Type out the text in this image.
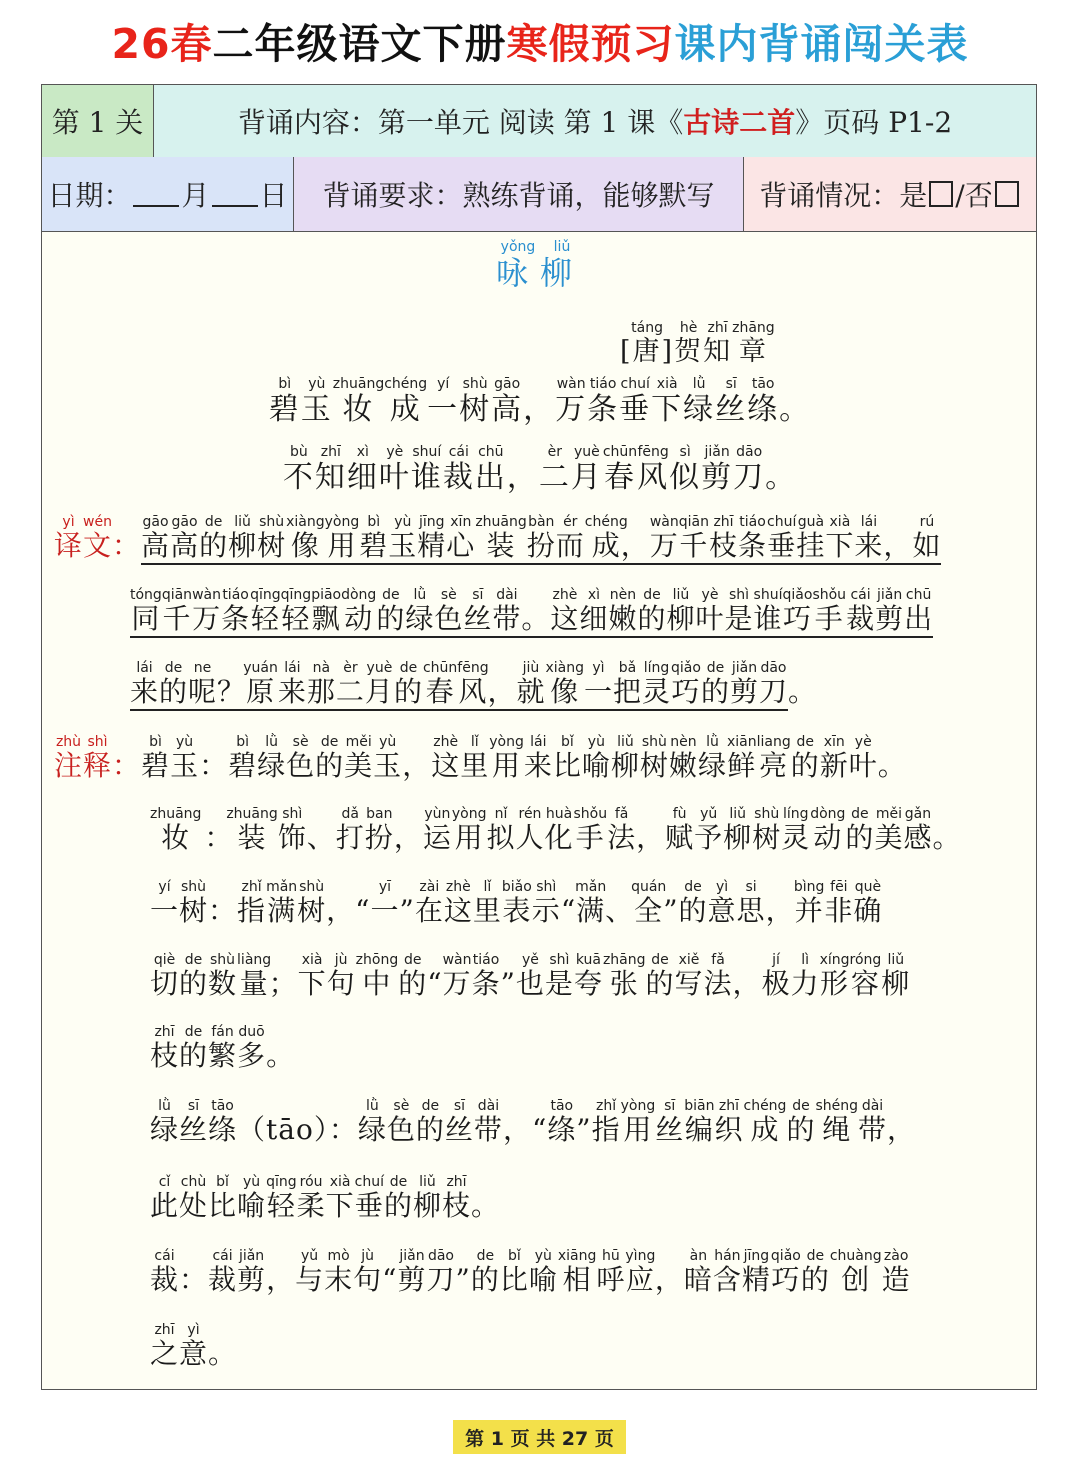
26春二年级语文下册寒假预习课内背诵闯关表
第 1 关	背诵内容：第一单元 阅读 第 1 课《 古诗二首 》页码 P1-2
日期： 月 日	背诵要求：熟练背诵，能够默写	背诵情况：是 /否
咏yǒng柳liǔ
[唐táng]贺hè知zhī章zhāng
碧bì玉yù妆zhuāng成chéng一yí树shù高gāo，万wàn条tiáo垂chuí下xià绿lǜ丝sī绦tāo。
不bù知zhī细xì叶yè谁shuí裁cái出chū，二èr月yuè春chūn风fēng似sì剪jiǎn刀dāo。
译yì文wén：高gāo高gāo的de柳liǔ树shù像xiàng用yòng碧bì玉yù精jīng心xīn装zhuāng扮bàn而ér成chéng，万wàn千qiān枝zhī条tiáo垂chuí挂guà下xià来lái，如rú
同tóng千qiān万wàn条tiáo轻qīng轻qīng飘piāo动dòng的de绿lǜ色sè丝sī带dài。这zhè细xì嫩nèn的de柳liǔ叶yè是shì谁shuí巧qiǎo手shǒu裁cái剪jiǎn出chū
来lái的de呢ne？原yuán来lái那nà二èr月yuè的de春chūn风fēng，就jiù像xiàng一yì把bǎ灵líng巧qiǎo的de剪jiǎn刀dāo。
注zhù释shì：碧bì玉yù：碧bì绿lǜ色sè的de美měi玉yù，这zhè里lǐ用yòng来lái比bǐ喻yù柳liǔ树shù嫩nèn绿lǜ鲜xiān亮liang的de新xīn叶yè。
妆zhuāng ：装zhuāng饰shì、打dǎ扮ban，运yùn用yòng拟nǐ人rén化huà手shǒu法fǎ，赋fù予yǔ柳liǔ树shù灵líng动dòng的de美měi感gǎn。
一yí树shù：指zhǐ满mǎn树shù，“一yī”在zài这zhè里lǐ表biǎo示shì“满mǎn、全quán”的de意yì思si，并bìng非fēi确què
切qiè的de数shù量liàng；下xià句jù中zhōng的de“万wàn条tiáo”也yě是shì夸kuā张zhāng的de写xiě法fǎ，极jí力lì形xíng容róng柳liǔ
枝zhī的de繁fán多duō。
绿lǜ丝sī绦tāo（tāo）：绿lǜ色sè的de丝sī带dài，“绦tāo”指zhǐ用yòng丝sī编biān织zhī成chéng的de绳shéng带dài，
此cǐ处chù比bǐ喻yù轻qīng柔róu下xià垂chuí的de柳liǔ枝zhī。
裁cái：裁cái剪jiǎn，与yǔ末mò句jù“剪jiǎn刀dāo”的de比bǐ喻yù相xiāng呼hū应yìng，暗àn含hán精jīng巧qiǎo的de创chuàng造zào
之zhī意yì。
第 1 页 共 27 页
